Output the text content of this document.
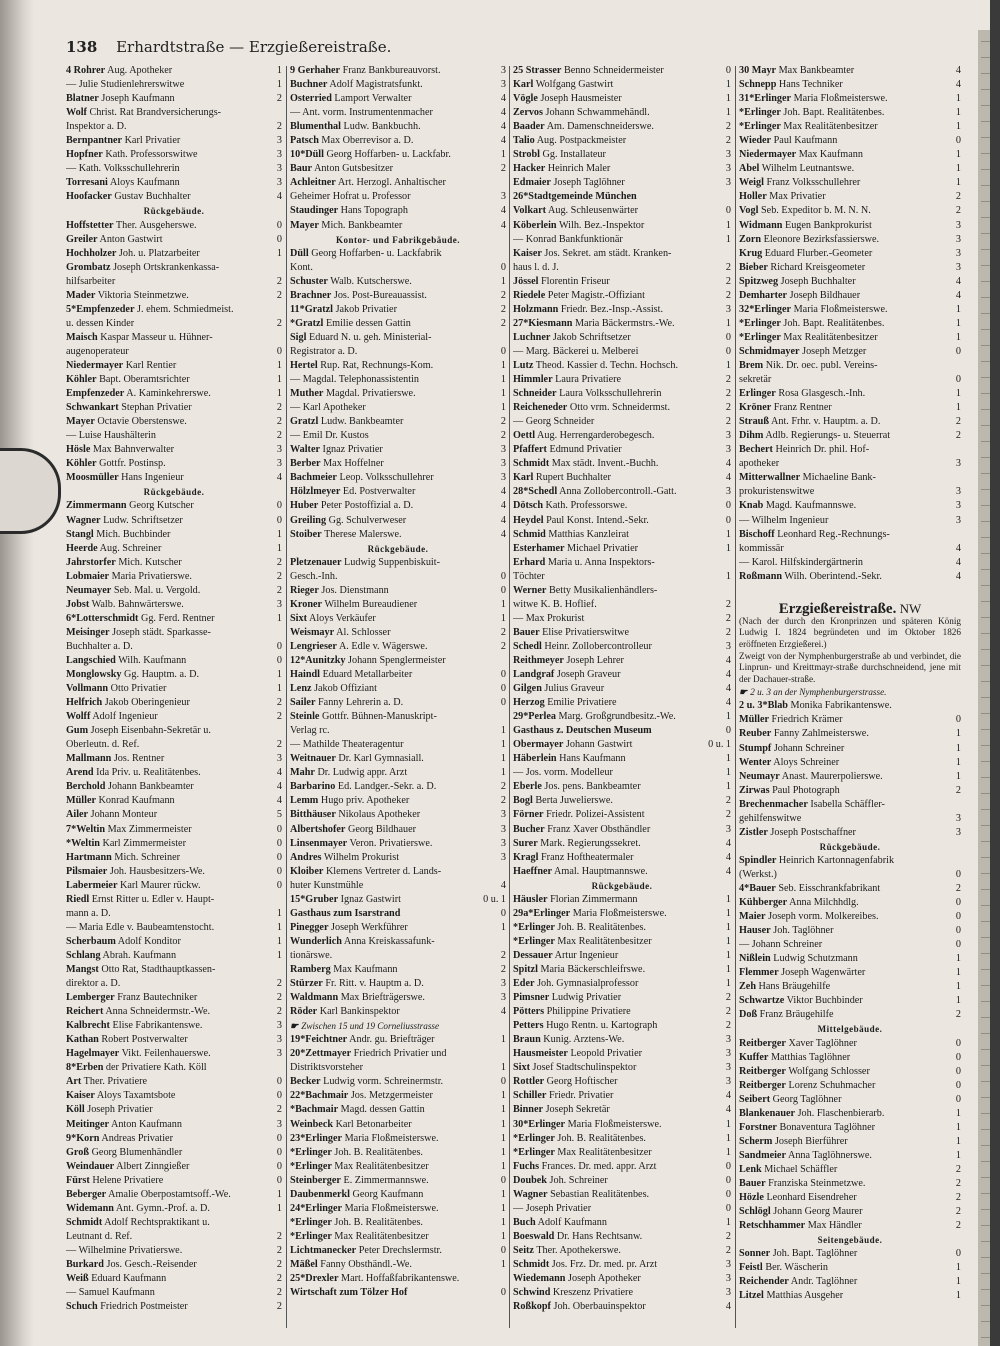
138 Erhardtstraße — Erzgießereistraße.
4 Rohrer Aug. Apotheker	1
— Julie Studienlehrerswitwe	1
Blatner Joseph Kaufmann	2
Wolf Christ. Rat Brandversicherungs-
Inspektor a. D.	2
Bernpantner Karl Privatier	3
Hopfner Kath. Professorswitwe	3
— Kath. Volksschullehrerin	3
Torresani Aloys Kaufmann	3
Hoofacker Gustav Buchhalter	4
Rückgebäude.
Hoffstetter Ther. Ausgeherswe.	0
Greiler Anton Gastwirt	0
Hochholzer Joh. u. Platzarbeiter	1
Grombatz Joseph Ortskrankenkassa-
hilfsarbeiter	2
Mader Viktoria Steinmetzwe.	2
5*Empfenzeder J. ehem. Schmiedmeist.
u. dessen Kinder	2
Maisch Kaspar Masseur u. Hühner-
augenoperateur	0
Niedermayer Karl Rentier	1
Köhler Bapt. Oberamtsrichter	1
Empfenzeder A. Kaminkehrerswe.	1
Schwankart Stephan Privatier	2
Mayer Octavie Oberstenswe.	2
— Luise Haushälterin	2
Hösle Max Bahnverwalter	3
Köhler Gottfr. Postinsp.	3
Moosmüller Hans Ingenieur	4
Rückgebäude.
Zimmermann Georg Kutscher	0
Wagner Ludw. Schriftsetzer	0
Stangl Mich. Buchbinder	1
Heerde Aug. Schreiner	1
Jahrstorfer Mich. Kutscher	2
Lobmaier Maria Privatierswe.	2
Neumayer Seb. Mal. u. Vergold.	2
Jobst Walb. Bahnwärterswe.	3
6*Lotterschmidt Gg. Ferd. Rentner	1
Meisinger Joseph städt. Sparkasse-
Buchhalter a. D.	0
Langschied Wilh. Kaufmann	0
Monglowsky Gg. Hauptm. a. D.	1
Vollmann Otto Privatier	1
Helfrich Jakob Oberingenieur	2
Wolff Adolf Ingenieur	2
Gum Joseph Eisenbahn-Sekretär u.
Oberleutn. d. Ref.	2
Mallmann Jos. Rentner	3
Arend Ida Priv. u. Realitätenbes.	4
Berchold Johann Bankbeamter	4
Müller Konrad Kaufmann	4
Ailer Johann Monteur	5
7*Weltin Max Zimmermeister	0
*Weltin Karl Zimmermeister	0
Hartmann Mich. Schreiner	0
Pilsmaier Joh. Hausbesitzers-We.	0
Labermeier Karl Maurer rückw.	0
Riedl Ernst Ritter u. Edler v. Haupt-
mann a. D.	1
— Maria Edle v. Baubeamtenstocht.	1
Scherbaum Adolf Konditor	1
Schlang Abrah. Kaufmann	1
Mangst Otto Rat, Stadthauptkassen-
direktor a. D.	2
Lemberger Franz Bautechniker	2
Reichert Anna Schneidermstr.-We.	2
Kalbrecht Elise Fabrikantenswe.	3
Kathan Robert Postverwalter	3
Hagelmayer Vikt. Feilenhauerswe.	3
8*Erben der Privatiere Kath. Köll
Art Ther. Privatiere	0
Kaiser Aloys Taxamtsbote	0
Köll Joseph Privatier	2
Meitinger Anton Kaufmann	3
9*Korn Andreas Privatier	0
Groß Georg Blumenhändler	0
Weindauer Albert Zinngießer	0
Fürst Helene Privatiere	0
Beberger Amalie Oberpostamtsoff.-We.	1
Widemann Ant. Gymn.-Prof. a. D.	1
Schmidt Adolf Rechtspraktikant u.
Leutnant d. Ref.	2
— Wilhelmine Privatierswe.	2
Burkard Jos. Gesch.-Reisender	2
Weiß Eduard Kaufmann	2
— Samuel Kaufmann	2
Schuch Friedrich Postmeister	2
9 Gerhaher Franz Bankbureauvorst.	3
Buchner Adolf Magistratsfunkt.	3
Osterried Lamport Verwalter	4
— Ant. vorm. Instrumentenmacher	4
Blumenthal Ludw. Bankbuchh.	4
Patsch Max Oberrevisor a. D.	4
10*Düll Georg Hoffarben- u. Lackfabr.	1
Baur Anton Gutsbesitzer	2
Achleitner Art. Herzogl. Anhaltischer
Geheimer Hofrat u. Professor	3
Staudinger Hans Topograph	4
Mayer Mich. Bankbeamter	4
Kontor- und Fabrikgebäude.
Düll Georg Hoffarben- u. Lackfabrik
Kont.	0
Schuster Walb. Kutscherswe.	1
Brachner Jos. Post-Bureauassist.	2
11*Gratzl Jakob Privatier	2
*Gratzl Emilie dessen Gattin	2
Sigl Eduard N. u. geh. Ministerial-
Registrator a. D.	0
Hertel Rup. Rat, Rechnungs-Kom.	1
— Magdal. Telephonassistentin	1
Muther Magdal. Privatierswe.	1
— Karl Apotheker	1
Gratzl Ludw. Bankbeamter	2
— Emil Dr. Kustos	2
Walter Ignaz Privatier	3
Berber Max Hoffelner	3
Bachmeier Leop. Volksschullehrer	3
Hölzlmeyer Ed. Postverwalter	4
Huber Peter Postoffizial a. D.	4
Greiling Gg. Schulverweser	4
Stoiber Therese Malerswe.	4
Rückgebäude.
Pletzenauer Ludwig Suppenbiskuit-
Gesch.-Inh.	0
Rieger Jos. Dienstmann	0
Kroner Wilhelm Bureaudiener	1
Sixt Aloys Verkäufer	1
Weismayr Al. Schlosser	2
Lengrieser A. Edle v. Wägerswe.	2
12*Aunitzky Johann Spenglermeister
Haindl Eduard Metallarbeiter	0
Lenz Jakob Offiziant	0
Sailer Fanny Lehrerin a. D.	0
Steinle Gottfr. Bühnen-Manuskript-
Verlag rc.	1
— Mathilde Theateragentur	1
Weitnauer Dr. Karl Gymnasiall.	1
Mahr Dr. Ludwig appr. Arzt	1
Barbarino Ed. Landger.-Sekr. a. D.	2
Lemm Hugo priv. Apotheker	2
Bitthäuser Nikolaus Apotheker	3
Albertshofer Georg Bildhauer	3
Linsenmayer Veron. Privatierswe.	3
Andres Wilhelm Prokurist	3
Kloiber Klemens Vertreter d. Lands-
huter Kunstmühle	4
15*Gruber Ignaz Gastwirt	0 u. 1
Gasthaus zum Isarstrand	0
Pinegger Joseph Werkführer	1
Wunderlich Anna Kreiskassafunk-
tionärswe.	2
Ramberg Max Kaufmann	2
Stürzer Fr. Ritt. v. Hauptm a. D.	3
Waldmann Max Briefträgerswe.	3
Röder Karl Bankinspektor	4
☛ Zwischen 15 und 19 Corneliusstrasse
19*Feichtner Andr. gu. Briefträger	1
20*Zettmayer Friedrich Privatier und
Distriktsvorsteher	1
Becker Ludwig vorm. Schreinermstr.	0
22*Bachmair Jos. Metzgermeister	1
*Bachmair Magd. dessen Gattin	1
Weinbeck Karl Betonarbeiter	1
23*Erlinger Maria Floßmeisterswe.	1
*Erlinger Joh. B. Realitätenbes.	1
*Erlinger Max Realitätenbesitzer	1
Steinberger E. Zimmermannswe.	0
Daubenmerkl Georg Kaufmann	1
24*Erlinger Maria Floßmeisterswe.	1
*Erlinger Joh. B. Realitätenbes.	1
*Erlinger Max Realitätenbesitzer	1
Lichtmanecker Peter Drechslermstr.	0
Mäßel Fanny Obsthändl.-We.	1
25*Drexler Mart. Hoffaßfabrikantenswe.
Wirtschaft zum Tölzer Hof	0
25 Strasser Benno Schneidermeister	0
Karl Wolfgang Gastwirt	1
Vögle Joseph Hausmeister	1
Zervos Johann Schwammehändl.	1
Baader Am. Damenschneiderswe.	2
Talio Aug. Postpackmeister	2
Strobl Gg. Installateur	3
Hacker Heinrich Maler	3
Edmaier Joseph Taglöhner	3
26*Stadtgemeinde München
Volkart Aug. Schleusenwärter	0
Köberlein Wilh. Bez.-Inspektor	1
— Konrad Bankfunktionär	1
Kaiser Jos. Sekret. am städt. Kranken-
haus l. d. J.	2
Jössel Florentin Friseur	2
Riedele Peter Magistr.-Offiziant	2
Holzmann Friedr. Bez.-Insp.-Assist.	3
27*Kiesmann Maria Bäckermstrs.-We.	1
Luchner Jakob Schriftsetzer	0
— Marg. Bäckerei u. Melberei	0
Lutz Theod. Kassier d. Techn. Hochsch.	1
Himmler Laura Privatiere	2
Schneider Laura Volksschullehrerin	2
Reicheneder Otto vrm. Schneidermst.	2
— Georg Schneider	2
Oettl Aug. Herrengarderobegesch.	3
Pfaffert Edmund Privatier	3
Schmidt Max städt. Invent.-Buchh.	4
Karl Rupert Buchhalter	4
28*Schedl Anna Zollobercontroll.-Gatt.	3
Dötsch Kath. Professorswe.	0
Heydel Paul Konst. Intend.-Sekr.	0
Schmid Matthias Kanzleirat	1
Esterhamer Michael Privatier	1
Erhard Maria u. Anna Inspektors-
Töchter	1
Werner Betty Musikalienhändlers-
witwe K. B. Hoflief.	2
— Max Prokurist	2
Bauer Elise Privatierswitwe	2
Schedl Heinr. Zollobercontrolleur	3
Reithmeyer Joseph Lehrer	4
Landgraf Joseph Graveur	4
Gilgen Julius Graveur	4
Herzog Emilie Privatiere	4
29*Perlea Marg. Großgrundbesitz.-We.	1
Gasthaus z. Deutschen Museum	0
Obermayer Johann Gastwirt	0 u. 1
Häberlein Hans Kaufmann	1
— Jos. vorm. Modelleur	1
Eberle Jos. pens. Bankbeamter	1
Bogl Berta Juwelierswe.	2
Förner Friedr. Polizei-Assistent	2
Bucher Franz Xaver Obsthändler	3
Surer Mark. Regierungssekret.	4
Kragl Franz Hoftheatermaler	4
Haeffner Amal. Hauptmannswe.	4
Rückgebäude.
Häusler Florian Zimmermann	1
29a*Erlinger Maria Floßmeisterswe.	1
*Erlinger Joh. B. Realitätenbes.	1
*Erlinger Max Realitätenbesitzer	1
Dessauer Artur Ingenieur	1
Spitzl Maria Bäckerschleifrswe.	1
Eder Joh. Gymnasialprofessor	1
Pimsner Ludwig Privatier	2
Pötters Philippine Privatiere	2
Petters Hugo Rentn. u. Kartograph	2
Braun Kunig. Arztens-We.	3
Hausmeister Leopold Privatier	3
Sixt Josef Stadtschulinspektor	3
Rottler Georg Hoftischer	3
Schiller Friedr. Privatier	4
Binner Joseph Sekretär	4
30*Erlinger Maria Floßmeisterswe.	1
*Erlinger Joh. B. Realitätenbes.	1
*Erlinger Max Realitätenbesitzer	1
Fuchs Frances. Dr. med. appr. Arzt	0
Doubek Joh. Schreiner	0
Wagner Sebastian Realitätenbes.	0
— Joseph Privatier	0
Buch Adolf Kaufmann	1
Boeswald Dr. Hans Rechtsanw.	2
Seitz Ther. Apothekerswe.	2
Schmidt Jos. Frz. Dr. med. pr. Arzt	3
Wiedemann Joseph Apotheker	3
Schwind Kreszenz Privatiere	3
Roßkopf Joh. Oberbauinspektor	4
30 Mayr Max Bankbeamter	4
Schnepp Hans Techniker	4
31*Erlinger Maria Floßmeisterswe.	1
*Erlinger Joh. Bapt. Realitätenbes.	1
*Erlinger Max Realitätenbesitzer	1
Wieder Paul Kaufmann	0
Niedermayer Max Kaufmann	1
Abel Wilhelm Leutnantswe.	1
Weigl Franz Volksschullehrer	1
Holler Max Privatier	2
Vogl Seb. Expeditor b. M. N. N.	2
Widmann Eugen Bankprokurist	3
Zorn Eleonore Bezirksfassierswe.	3
Krug Eduard Flurber.-Geometer	3
Bieber Richard Kreisgeometer	3
Spitzweg Joseph Buchhalter	4
Demharter Joseph Bildhauer	4
32*Erlinger Maria Floßmeisterswe.	1
*Erlinger Joh. Bapt. Realitätenbes.	1
*Erlinger Max Realitätenbesitzer	1
Schmidmayer Joseph Metzger	0
Brem Nik. Dr. oec. publ. Vereins-
sekretär	0
Erlinger Rosa Glasgesch.-Inh.	1
Kröner Franz Rentner	1
Strauß Ant. Frhr. v. Hauptm. a. D.	2
Dihm Adlb. Regierungs- u. Steuerrat	2
Bechert Heinrich Dr. phil. Hof-
apotheker	3
Mitterwallner Michaeline Bank-
prokuristenswitwe	3
Knab Magd. Kaufmannswe.	3
— Wilhelm Ingenieur	3
Bischoff Leonhard Reg.-Rechnungs-
kommissär	4
— Karol. Hilfskindergärtnerin	4
Roßmann Wilh. Oberintend.-Sekr.	4
Erzgießereistraße. NW
(Nach der durch den Kronprinzen und späteren König Ludwig I. 1824 begründeten und im Oktober 1826 eröffneten Erzgießerei.)
Zweigt von der Nymphenburgerstraße ab und verbindet, die Linprun- und Kreittmayr-straße durchschneidend, jene mit der Dachauer-straße.
☛ 2 u. 3 an der Nymphenburgerstrasse.
2 u. 3*Blab Monika Fabrikantenswe.
Müller Friedrich Krämer	0
Reuber Fanny Zahlmeisterswe.	1
Stumpf Johann Schreiner	1
Wenter Aloys Schreiner	1
Neumayr Anast. Maurerpolierswe.	1
Zirwas Paul Photograph	2
Brechenmacher Isabella Schäffler-
gehilfenswitwe	3
Zistler Joseph Postschaffner	3
Rückgebäude.
Spindler Heinrich Kartonnagenfabrik
(Werkst.)	0
4*Bauer Seb. Eisschrankfabrikant	2
Kühberger Anna Milchhdlg.	0
Maier Joseph vorm. Molkereibes.	0
Hauser Joh. Taglöhner	0
— Johann Schreiner	0
Nißlein Ludwig Schutzmann	1
Flemmer Joseph Wagenwärter	1
Zeh Hans Bräugehilfe	1
Schwartze Viktor Buchbinder	1
Doß Franz Bräugehilfe	2
Mittelgebäude.
Reitberger Xaver Taglöhner	0
Kuffer Matthias Taglöhner	0
Reitberger Wolfgang Schlosser	0
Reitberger Lorenz Schuhmacher	0
Seibert Georg Taglöhner	0
Blankenauer Joh. Flaschenbierarb.	1
Forstner Bonaventura Taglöhner	1
Scherm Joseph Bierführer	1
Sandmeier Anna Taglöhnerswe.	1
Lenk Michael Schäffler	2
Bauer Franziska Steinmetzwe.	2
Hözle Leonhard Eisendreher	2
Schlögl Johann Georg Maurer	2
Retschhammer Max Händler	2
Seitengebäude.
Sonner Joh. Bapt. Taglöhner	0
Feistl Ber. Wäscherin	1
Reichender Andr. Taglöhner	1
Litzel Matthias Ausgeher	1
